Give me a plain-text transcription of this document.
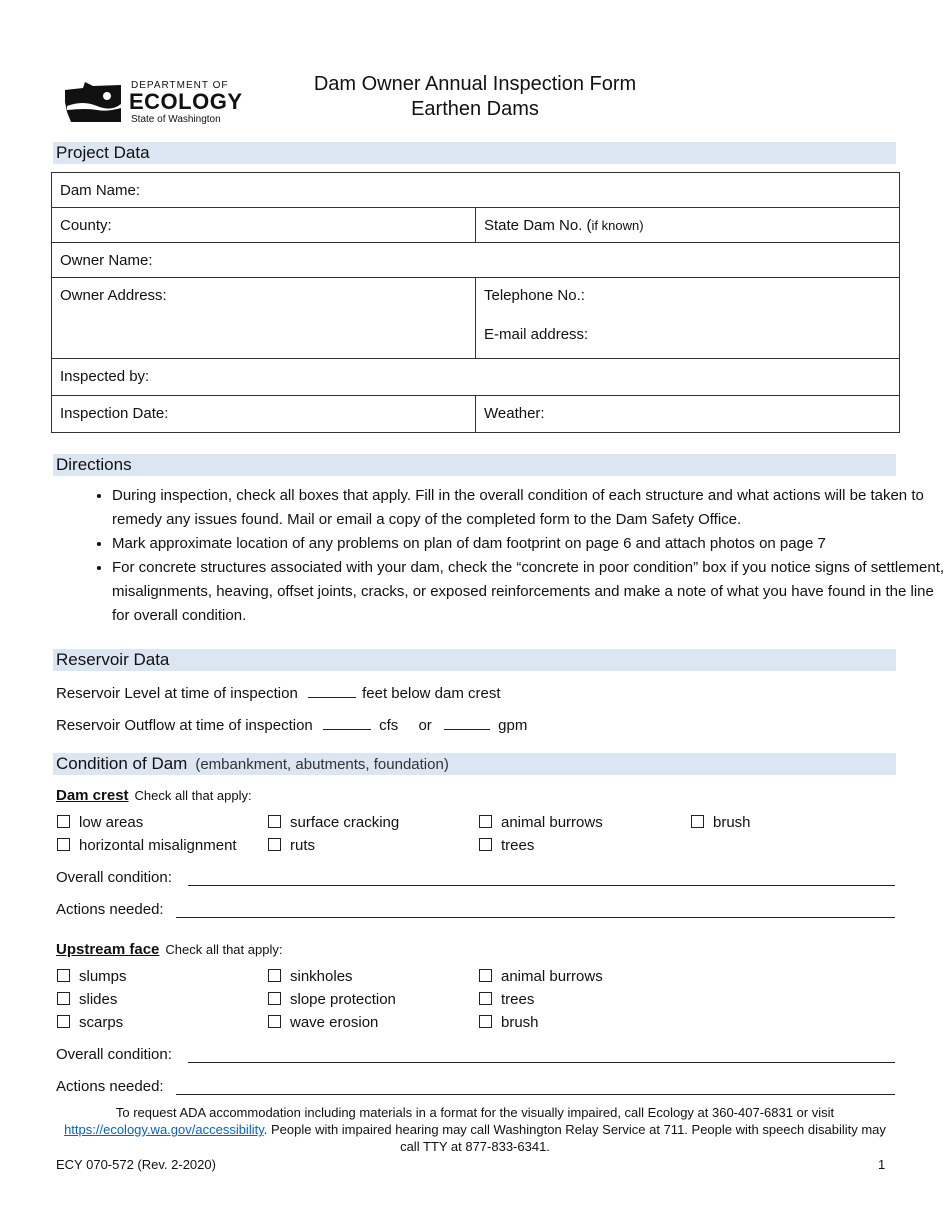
DEPARTMENT OF
ECOLOGY
State of Washington
Dam Owner Annual Inspection Form
Earthen Dams
Project Data
Dam Name:	
County:	State Dam No. (if known)
Owner Name:	
Owner Address:	Telephone No.:
E-mail address:

Inspected by:	
Inspection Date:	Weather:
Directions
• During inspection, check all boxes that apply. Fill in the overall condition of each structure and what actions will be taken to remedy any issues found. Mail or email a copy of the completed form to the Dam Safety Office.
• Mark approximate location of any problems on plan of dam footprint on page 6 and attach photos on page 7
• For concrete structures associated with your dam, check the “concrete in poor condition” box if you notice signs of settlement, misalignments, heaving, offset joints, cracks, or exposed reinforcements and make a note of what you have found in the line for overall condition.
Reservoir Data
Reservoir Level at time of inspection	feet below dam crest
Reservoir Outflow at time of inspection	cfs or	gpm
Condition of Dam (embankment, abutments, foundation)
Dam crest Check all that apply:
low areas	surface cracking	animal burrows	brush
horizontal misalignment	ruts	trees
Overall condition:
Actions needed:
Upstream face Check all that apply:
slumps	sinkholes	animal burrows
slides	slope protection	trees
scarps	wave erosion	brush
Overall condition:
Actions needed:
To request ADA accommodation including materials in a format for the visually impaired, call Ecology at 360-407-6831 or visit
https://ecology.wa.gov/accessibility. People with impaired hearing may call Washington Relay Service at 711. People with speech disability may call TTY at 877-833-6341.
ECY 070-572 (Rev. 2-2020)	1
